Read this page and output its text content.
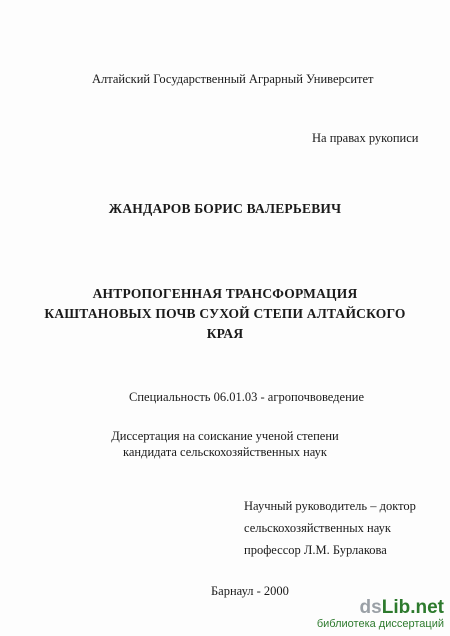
Алтайский Государственный Аграрный Университет
На правах рукописи
ЖАНДАРОВ БОРИС ВАЛЕРЬЕВИЧ
АНТРОПОГЕННАЯ ТРАНСФОРМАЦИЯ
КАШТАНОВЫХ ПОЧВ СУХОЙ СТЕПИ АЛТАЙСКОГО
КРАЯ
Специальность 06.01.03 - агропочвоведение
Диссертация на соискание ученой степени
кандидата сельскохозяйственных наук
Научный руководитель – доктор
сельскохозяйственных наук
профессор Л.М. Бурлакова
Барнаул - 2000
dsLib.net
библиотека диссертаций
